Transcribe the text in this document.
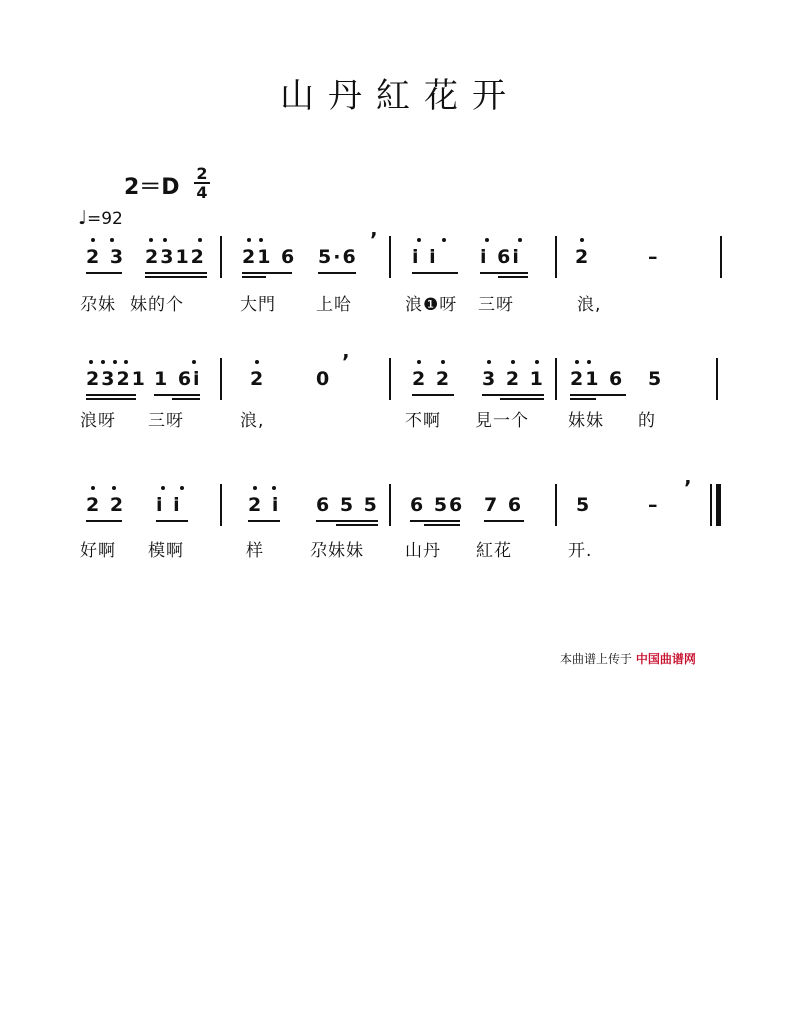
山丹紅花开
2＝D
2
4
♩=92
2 3 2312 21 6 5·6	i i i 6i	2	–
’
尕妹 妹的个	大門 上哈	浪❶呀 三呀	浪,
2321 1 6i	2	0	2 2 3 2 1 21 6 5
’
浪呀 三呀	浪,	不啊 見一个 妹妹 的
2 2 i i	2 i 6 5 5 6 56 7 6	5	–
’
好啊 模啊	样	尕妹妹 山丹 紅花	开.
本曲谱上传于 中国曲谱网
